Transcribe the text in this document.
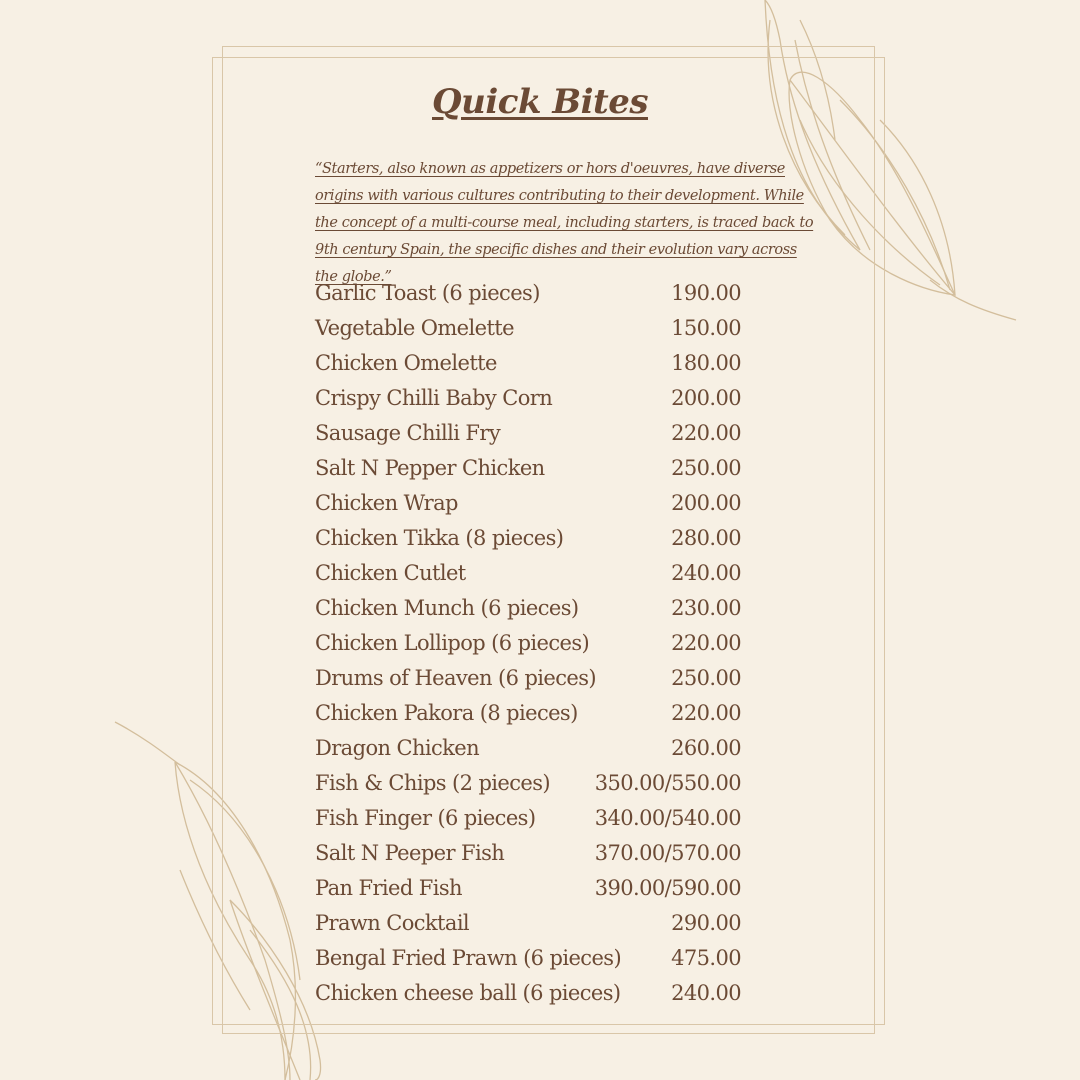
Quick Bites

“Starters, also known as appetizers or hors d'oeuvres, have diverse origins with various cultures contributing to their development. While the concept of a multi-course meal, including starters, is traced back to 9th century Spain, the specific dishes and their evolution vary across the globe.”

Garlic Toast (6 pieces)	190.00
Vegetable Omelette	150.00
Chicken Omelette	180.00
Crispy Chilli Baby Corn	200.00
Sausage Chilli Fry	220.00
Salt N Pepper Chicken	250.00
Chicken Wrap	200.00
Chicken Tikka (8 pieces)	280.00
Chicken Cutlet	240.00
Chicken Munch (6 pieces)	230.00
Chicken Lollipop (6 pieces)	220.00
Drums of Heaven (6 pieces)	250.00
Chicken Pakora (8 pieces)	220.00
Dragon Chicken	260.00
Fish & Chips (2 pieces) 350.00/550.00
Fish Finger (6 pieces)	340.00/540.00
Salt N Peeper Fish	370.00/570.00
Pan Fried Fish	390.00/590.00
Prawn Cocktail	290.00
Bengal Fried Prawn (6 pieces) 475.00
Chicken cheese ball (6 pieces) 240.00
